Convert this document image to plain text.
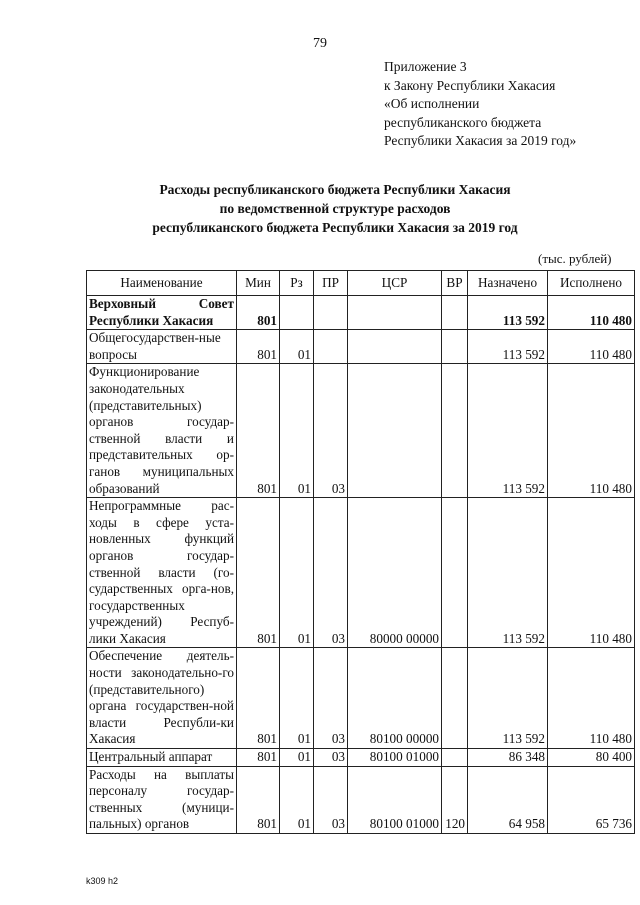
79
Приложение 3
к Закону Республики Хакасия
«Об исполнении
республиканского бюджета
Республики Хакасия за 2019 год»
Расходы республиканского бюджета Республики Хакасия
по ведомственной структуре расходов
республиканского бюджета Республики Хакасия за 2019 год
(тыс. рублей)
Наименование	Мин	Рз	ПР	ЦСР	ВР	Назначено	Исполнено
Верховный Совет Республики Хакасия	801					113 592	110 480
Общегосударствен-ные вопросы	801	01				113 592	110 480
Функционирование законодательных (представительных) органов государ-ственной власти и представительных ор-ганов муниципальных образований	801	01	03			113 592	110 480
Непрограммные рас-ходы в сфере уста-новленных функций органов государ-ственной власти (го-сударственных орга-нов, государственных учреждений) Респуб-лики Хакасия	801	01	03	80000 00000		113 592	110 480
Обеспечение деятель-ности законодательно-го (представительного) органа государствен-ной власти Республи-ки Хакасия	801	01	03	80100 00000		113 592	110 480
Центральный аппарат	801	01	03	80100 01000		86 348	80 400
Расходы на выплаты персоналу государ-ственных (муници-пальных) органов	801	01	03	80100 01000	120	64 958	65 736
k309 h2
